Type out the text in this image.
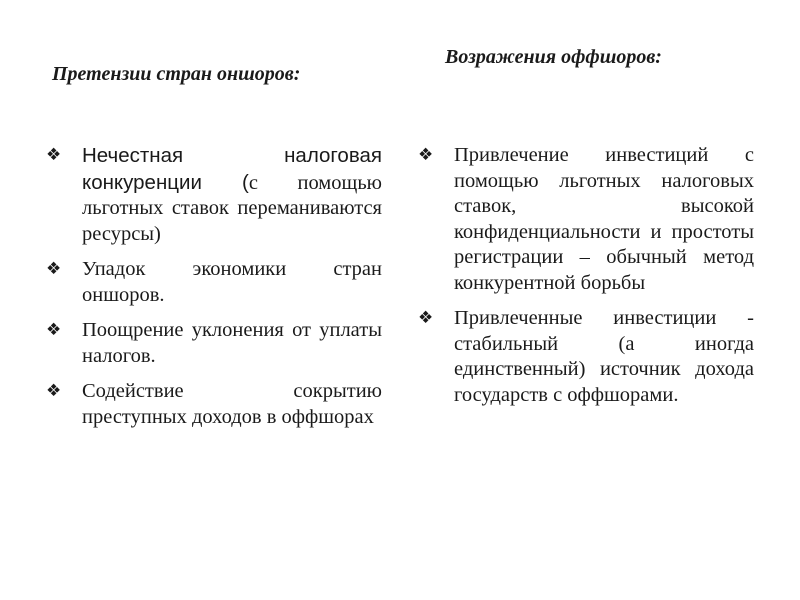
Претензии стран оншоров:
Возражения оффшоров:
❖ Нечестная налоговая конкуренции (с помощью льготных ставок переманиваются ресурсы)
❖ Упадок экономики стран оншоров.
❖ Поощрение уклонения от уплаты налогов.
❖ Содействие сокрытию преступных доходов в оффшорах
❖ Привлечение инвестиций с помощью льготных налоговых ставок, высокой конфиденциальности и простоты регистрации – обычный метод конкурентной борьбы
❖ Привлеченные инвестиции - стабильный (а иногда единственный) источник дохода государств с оффшорами.
